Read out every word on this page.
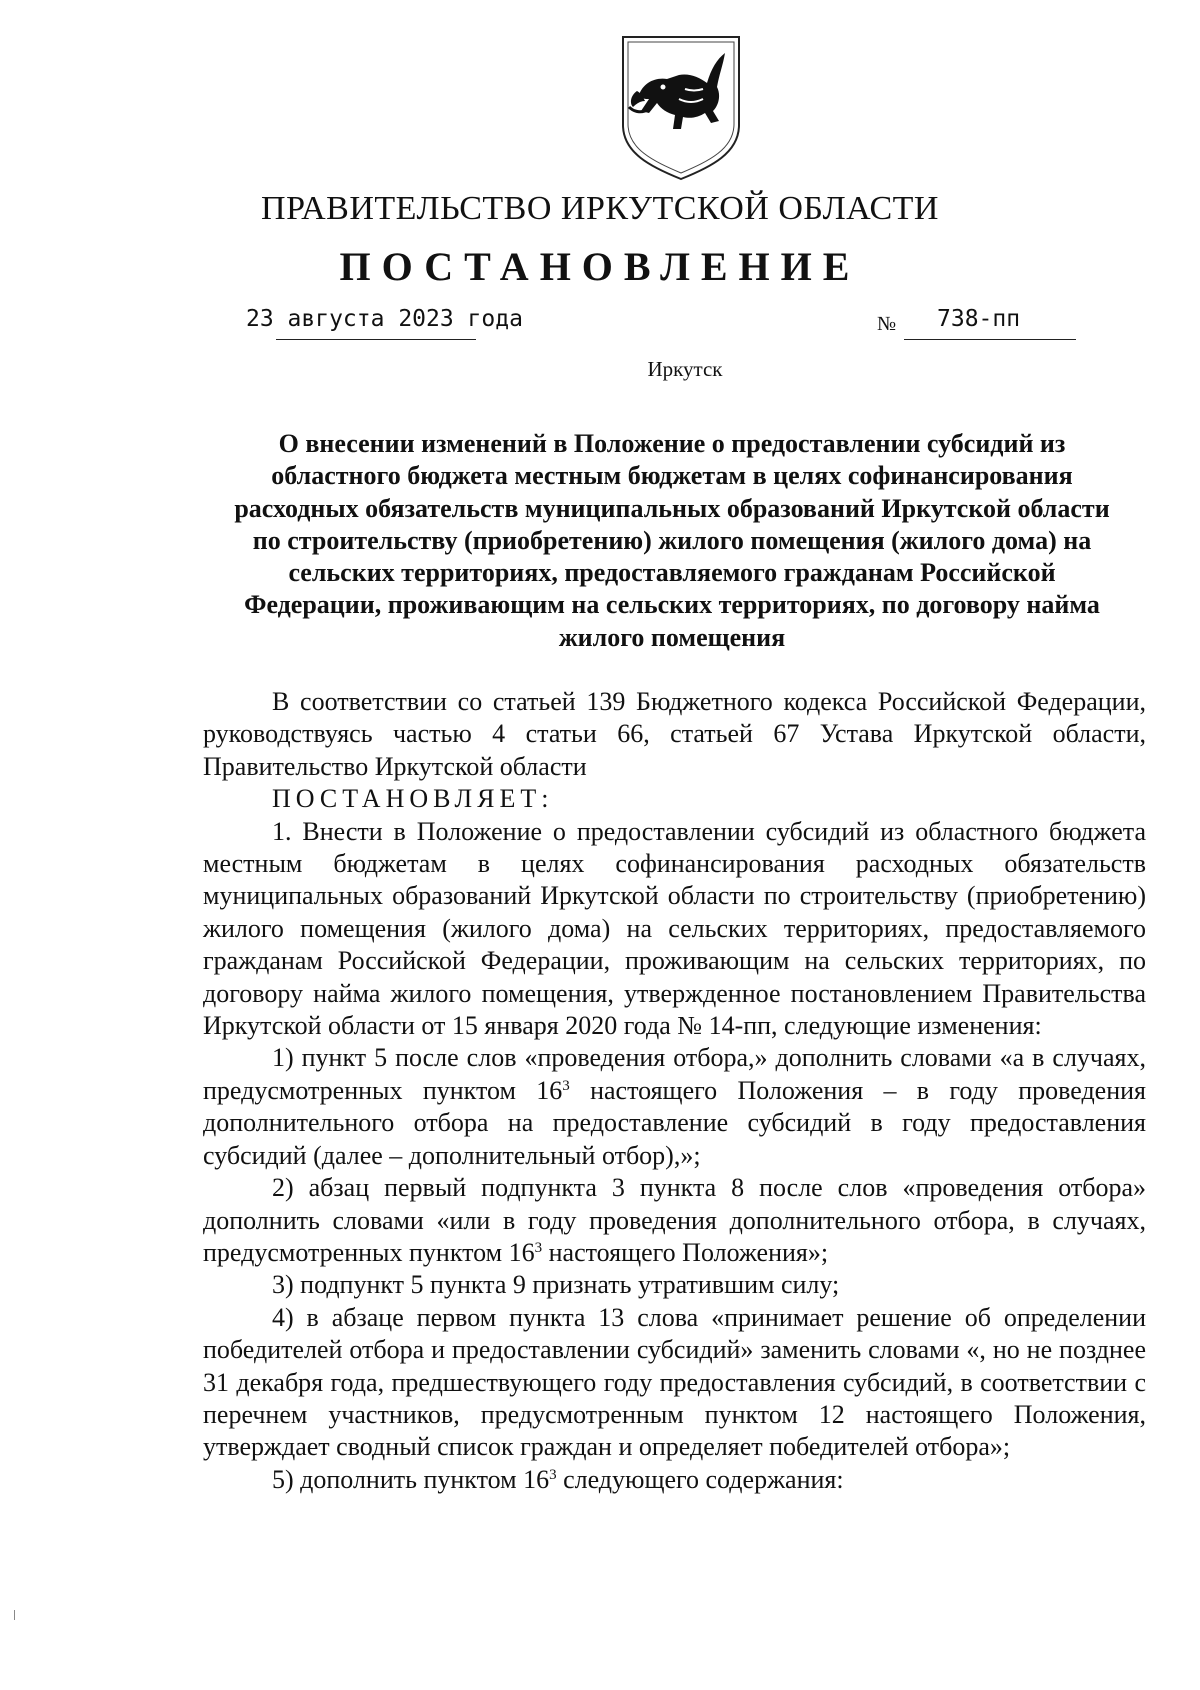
ПРАВИТЕЛЬСТВО ИРКУТСКОЙ ОБЛАСТИ
ПОСТАНОВЛЕНИЕ
23 августа 2023 года	№ 738-пп
Иркутск
О внесении изменений в Положение о предоставлении субсидий из областного бюджета местным бюджетам в целях софинансирования расходных обязательств муниципальных образований Иркутской области по строительству (приобретению) жилого помещения (жилого дома) на сельских территориях, предоставляемого гражданам Российской Федерации, проживающим на сельских территориях, по договору найма жилого помещения

В соответствии со статьей 139 Бюджетного кодекса Российской Федерации, руководствуясь частью 4 статьи 66, статьей 67 Устава Иркутской области, Правительство Иркутской области

ПОСТАНОВЛЯЕТ:

1. Внести в Положение о предоставлении субсидий из областного бюджета местным бюджетам в целях софинансирования расходных обязательств муниципальных образований Иркутской области по строительству (приобретению) жилого помещения (жилого дома) на сельских территориях, предоставляемого гражданам Российской Федерации, проживающим на сельских территориях, по договору найма жилого помещения, утвержденное постановлением Правительства Иркутской области от 15 января 2020 года № 14-пп, следующие изменения:

1) пункт 5 после слов «проведения отбора,» дополнить словами «а в случаях, предусмотренных пунктом $16^3$ настоящего Положения – в году проведения дополнительного отбора на предоставление субсидий в году предоставления субсидий (далее – дополнительный отбор),»;

2) абзац первый подпункта 3 пункта 8 после слов «проведения отбора» дополнить словами «или в году проведения дополнительного отбора, в случаях, предусмотренных пунктом $16^3$ настоящего Положения»;

3) подпункт 5 пункта 9 признать утратившим силу;

4) в абзаце первом пункта 13 слова «принимает решение об определении победителей отбора и предоставлении субсидий» заменить словами «, но не позднее 31 декабря года, предшествующего году предоставления субсидий, в соответствии с перечнем участников, предусмотренным пунктом 12 настоящего Положения, утверждает сводный список граждан и определяет победителей отбора»;

5) дополнить пунктом $16^3$ следующего содержания:
